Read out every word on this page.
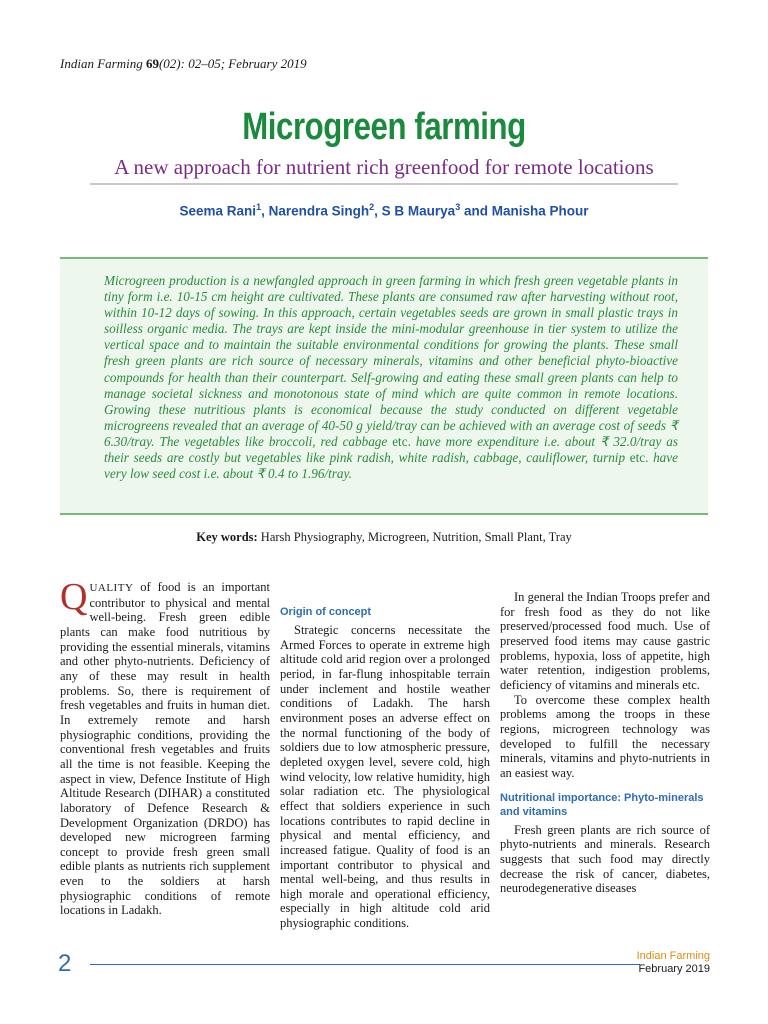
Indian Farming 69(02): 02–05; February 2019
Microgreen farming
A new approach for nutrient rich greenfood for remote locations
Seema Rani$^1$, Narendra Singh$^2$, S B Maurya$^3$ and Manisha Phour

Microgreen production is a newfangled approach in green farming in which fresh green vegetable plants in tiny form i.e. 10-15 cm height are cultivated. These plants are consumed raw after harvesting without root, within 10-12 days of sowing. In this approach, certain vegetables seeds are grown in small plastic trays in soilless organic media. The trays are kept inside the mini-modular greenhouse in tier system to utilize the vertical space and to maintain the suitable environmental conditions for growing the plants. These small fresh green plants are rich source of necessary minerals, vitamins and other beneficial phyto-bioactive compounds for health than their counterpart. Self-growing and eating these small green plants can help to manage societal sickness and monotonous state of mind which are quite common in remote locations. Growing these nutritious plants is economical because the study conducted on different vegetable microgreens revealed that an average of 40-50 g yield/tray can be achieved with an average cost of seeds ₹ 6.30/tray. The vegetables like broccoli, red cabbage etc. have more expenditure i.e. about ₹ 32.0/tray as their seeds are costly but vegetables like pink radish, white radish, cabbage, cauliflower, turnip etc. have very low seed cost i.e. about ₹ 0.4 to 1.96/tray.

Key words: Harsh Physiography, Microgreen, Nutrition, Small Plant, Tray

QUALITY of food is an important contributor to physical and mental well-being. Fresh green edible plants can make food nutritious by providing the essential minerals, vitamins and other phyto-nutrients. Deficiency of any of these may result in health problems. So, there is requirement of fresh vegetables and fruits in human diet. In extremely remote and harsh physiographic conditions, providing the conventional fresh vegetables and fruits all the time is not feasible. Keeping the aspect in view, Defence Institute of High Altitude Research (DIHAR) a constituted laboratory of Defence Research & Development Organization (DRDO) has developed new microgreen farming concept to provide fresh green small edible plants as nutrients rich supplement even to the soldiers at harsh physiographic conditions of remote locations in Ladakh.

Origin of concept

Strategic concerns necessitate the Armed Forces to operate in extreme high altitude cold arid region over a prolonged period, in far-flung inhospitable terrain under inclement and hostile weather conditions of Ladakh. The harsh environment poses an adverse effect on the normal functioning of the body of soldiers due to low atmospheric pressure, depleted oxygen level, severe cold, high wind velocity, low relative humidity, high solar radiation etc. The physiological effect that soldiers experience in such locations contributes to rapid decline in physical and mental efficiency, and increased fatigue. Quality of food is an important contributor to physical and mental well-being, and thus results in high morale and operational efficiency, especially in high altitude cold arid physiographic conditions.

In general the Indian Troops prefer and for fresh food as they do not like preserved/processed food much. Use of preserved food items may cause gastric problems, hypoxia, loss of appetite, high water retention, indigestion problems, deficiency of vitamins and minerals etc.

To overcome these complex health problems among the troops in these regions, microgreen technology was developed to fulfill the necessary minerals, vitamins and phyto-nutrients in an easiest way.

Nutritional importance: Phyto-minerals and vitamins

Fresh green plants are rich source of phyto-nutrients and minerals. Research suggests that such food may directly decrease the risk of cancer, diabetes, neurodegenerative diseases

2	Indian Farming
February 2019
